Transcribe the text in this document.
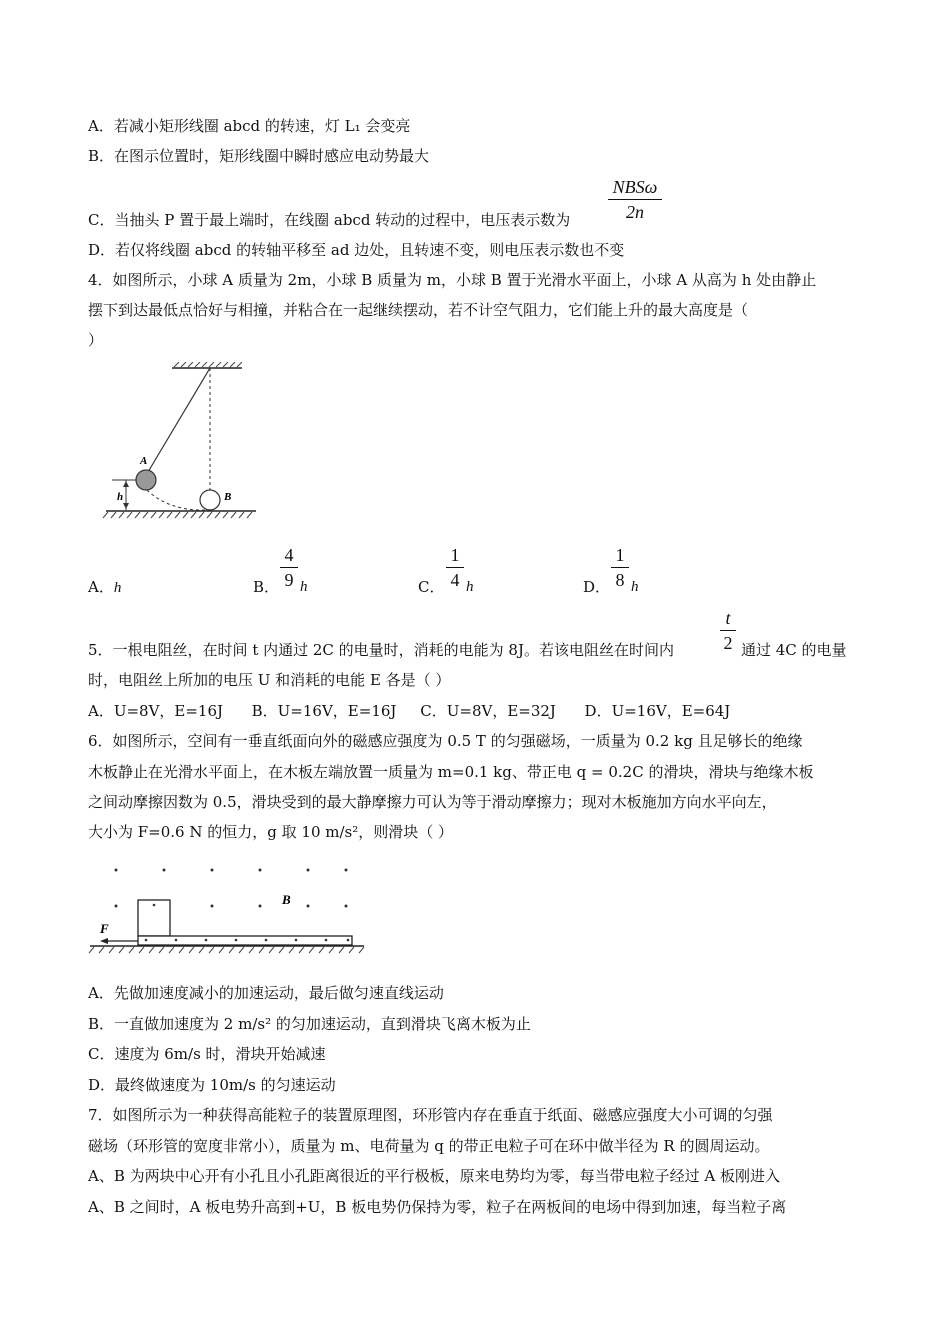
A．若减小矩形线圈 abcd 的转速，灯 L₁ 会变亮
B．在图示位置时，矩形线圈中瞬时感应电动势最大
NBSω
2n
C．当抽头 P 置于最上端时，在线圈 abcd 转动的过程中，电压表示数为
D．若仅将线圈 abcd 的转轴平移至 ad 边处，且转速不变，则电压表示数也不变
4．如图所示，小球 A 质量为 2m，小球 B 质量为 m，小球 B 置于光滑水平面上，小球 A 从高为 h 处由静止
摆下到达最低点恰好与相撞，并粘合在一起继续摆动，若不计空气阻力，它们能上升的最大高度是（
）
A
B
h
A．h	B．
4
9 h	C．
1
4 h	D．
1
8 h
5．一根电阻丝，在时间 t 内通过 2C 的电量时，消耗的电能为 8J。若该电阻丝在时间内
t
2 通过 4C 的电量
时，电阻丝上所加的电压 U 和消耗的电能 E 各是（ ）
A．U=8V，E=16J      B．U=16V，E=16J     C．U=8V，E=32J      D．U=16V，E=64J
6．如图所示，空间有一垂直纸面向外的磁感应强度为 0.5 T 的匀强磁场，一质量为 0.2 kg 且足够长的绝缘
木板静止在光滑水平面上，在木板左端放置一质量为 m=0.1 kg、带正电 q = 0.2C 的滑块，滑块与绝缘木板
之间动摩擦因数为 0.5，滑块受到的最大静摩擦力可认为等于滑动摩擦力；现对木板施加方向水平向左，
大小为 F=0.6 N 的恒力，g 取 10 m/s²，则滑块（ ）
F
B
A．先做加速度减小的加速运动，最后做匀速直线运动
B．一直做加速度为 2 m/s² 的匀加速运动，直到滑块飞离木板为止
C．速度为 6m/s 时，滑块开始减速
D．最终做速度为 10m/s 的匀速运动
7．如图所示为一种获得高能粒子的装置原理图，环形管内存在垂直于纸面、磁感应强度大小可调的匀强
磁场（环形管的宽度非常小），质量为 m、电荷量为 q 的带正电粒子可在环中做半径为 R 的圆周运动。
A、B 为两块中心开有小孔且小孔距离很近的平行极板，原来电势均为零，每当带电粒子经过 A 板刚进入
A、B 之间时，A 板电势升高到+U，B 板电势仍保持为零，粒子在两板间的电场中得到加速，每当粒子离
